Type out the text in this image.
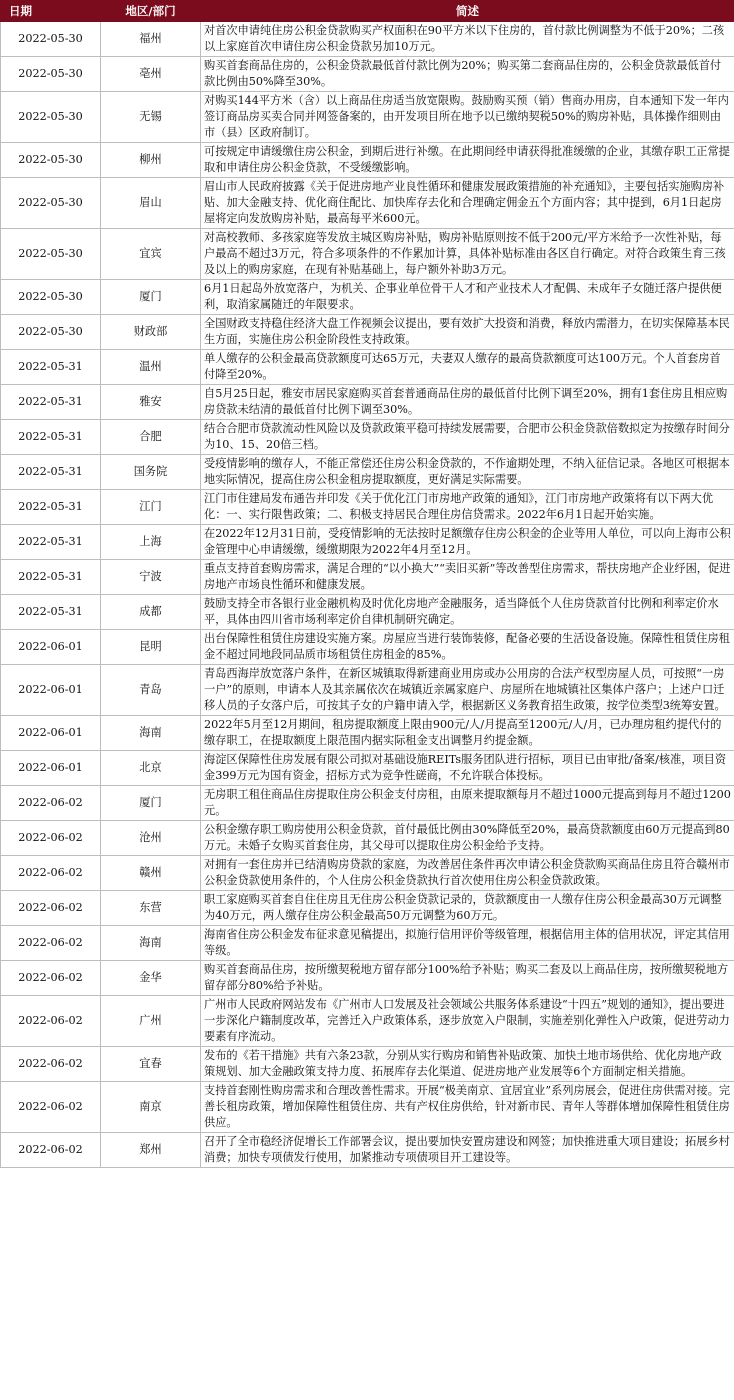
日期	地区/部门	简述
2022-05-30	福州	对首次申请纯住房公积金贷款购买产权面积在90平方米以下住房的，首付款比例调整为不低于20%；二孩以上家庭首次申请住房公积金贷款另加10万元。
2022-05-30	亳州	购买首套商品住房的，公积金贷款最低首付款比例为20%；购买第二套商品住房的，公积金贷款最低首付款比例由50%降至30%。
2022-05-30	无锡	对购买144平方米（含）以上商品住房适当放宽限购。鼓励购买预（销）售商办用房，自本通知下发一年内签订商品房买卖合同并网签备案的，由开发项目所在地予以已缴纳契税50%的购房补贴，具体操作细则由市（县）区政府制订。
2022-05-30	柳州	可按规定申请缓缴住房公积金，到期后进行补缴。在此期间经申请获得批准缓缴的企业，其缴存职工正常提取和申请住房公积金贷款，不受缓缴影响。
2022-05-30	眉山	眉山市人民政府披露《关于促进房地产业良性循环和健康发展政策措施的补充通知》，主要包括实施购房补贴、加大金融支持、优化商住配比、加快库存去化和合理确定佣金五个方面内容；其中提到，6月1日起房屋将定向发放购房补贴，最高每平米600元。
2022-05-30	宜宾	对高校教师、多孩家庭等发放主城区购房补贴，购房补贴原则按不低于200元/平方米给予一次性补贴，每户最高不超过3万元，符合多项条件的不作累加计算，具体补贴标准由各区自行确定。对符合政策生育三孩及以上的购房家庭，在现有补贴基础上，每户额外补助3万元。
2022-05-30	厦门	6月1日起岛外放宽落户，为机关、企事业单位骨干人才和产业技术人才配偶、未成年子女随迁落户提供便利，取消家属随迁的年限要求。
2022-05-30	财政部	全国财政支持稳住经济大盘工作视频会议提出，要有效扩大投资和消费，释放内需潜力，在切实保障基本民生方面，实施住房公积金阶段性支持政策。
2022-05-31	温州	单人缴存的公积金最高贷款额度可达65万元，夫妻双人缴存的最高贷款额度可达100万元。个人首套房首付降至20%。
2022-05-31	雅安	自5月25日起，雅安市居民家庭购买首套普通商品住房的最低首付比例下调至20%，拥有1套住房且相应购房贷款未结清的最低首付比例下调至30%。
2022-05-31	合肥	结合合肥市贷款流动性风险以及贷款政策平稳可持续发展需要，合肥市公积金贷款倍数拟定为按缴存时间分为10、15、20倍三档。
2022-05-31	国务院	受疫情影响的缴存人，不能正常偿还住房公积金贷款的，不作逾期处理，不纳入征信记录。各地区可根据本地实际情况，提高住房公积金租房提取额度，更好满足实际需要。
2022-05-31	江门	江门市住建局发布通告并印发《关于优化江门市房地产政策的通知》，江门市房地产政策将有以下两大优化：一、实行限售政策；二、积极支持居民合理住房信贷需求。2022年6月1日起开始实施。
2022-05-31	上海	在2022年12月31日前，受疫情影响的无法按时足额缴存住房公积金的企业等用人单位，可以向上海市公积金管理中心申请缓缴，缓缴期限为2022年4月至12月。
2022-05-31	宁波	重点支持首套购房需求，满足合理的“以小换大”“卖旧买新”等改善型住房需求，帮扶房地产企业纾困，促进房地产市场良性循环和健康发展。
2022-05-31	成都	鼓励支持全市各银行业金融机构及时优化房地产金融服务，适当降低个人住房贷款首付比例和利率定价水平，具体由四川省市场利率定价自律机制研究确定。
2022-06-01	昆明	出台保障性租赁住房建设实施方案。房屋应当进行装饰装修，配备必要的生活设备设施。保障性租赁住房租金不超过同地段同品质市场租赁住房租金的85%。
2022-06-01	青岛	青岛西海岸放宽落户条件，在新区城镇取得新建商业用房或办公用房的合法产权型房屋人员，可按照“一房一户”的原则，申请本人及其亲属依次在城镇近亲属家庭户、房屋所在地城镇社区集体户落户；上述户口迁移人员的子女落户后，可按其子女的户籍申请入学，根据新区义务教育招生政策，按学位类型3统筹安置。
2022-06-01	海南	2022年5月至12月期间，租房提取额度上限由900元/人/月提高至1200元/人/月，已办理房租约提代付的缴存职工，在提取额度上限范围内据实际租金支出调整月约提金额。
2022-06-01	北京	海淀区保障性住房发展有限公司拟对基础设施REITs服务团队进行招标，项目已由审批/备案/核准，项目资金399万元为国有资金，招标方式为竞争性磋商，不允许联合体投标。
2022-06-02	厦门	无房职工租住商品住房提取住房公积金支付房租，由原来提取额每月不超过1000元提高到每月不超过1200元。
2022-06-02	沧州	公积金缴存职工购房使用公积金贷款，首付最低比例由30%降低至20%，最高贷款额度由60万元提高到80万元。未婚子女购买首套住房，其父母可以提取住房公积金给予支持。
2022-06-02	赣州	对拥有一套住房并已结清购房贷款的家庭，为改善居住条件再次申请公积金贷款购买商品住房且符合赣州市公积金贷款使用条件的，个人住房公积金贷款执行首次使用住房公积金贷款政策。
2022-06-02	东营	职工家庭购买首套自住住房且无住房公积金贷款记录的，贷款额度由一人缴存住房公积金最高30万元调整为40万元，两人缴存住房公积金最高50万元调整为60万元。
2022-06-02	海南	海南省住房公积金发布征求意见稿提出，拟施行信用评价等级管理，根据信用主体的信用状况，评定其信用等级。
2022-06-02	金华	购买首套商品住房，按所缴契税地方留存部分100%给予补贴；购买二套及以上商品住房，按所缴契税地方留存部分80%给予补贴。
2022-06-02	广州	广州市人民政府网站发布《广州市人口发展及社会领域公共服务体系建设“十四五”规划的通知》，提出要进一步深化户籍制度改革，完善迁入户政策体系，逐步放宽入户限制，实施差别化弹性入户政策，促进劳动力要素有序流动。
2022-06-02	宜春	发布的《若干措施》共有六条23款，分别从实行购房和销售补贴政策、加快土地市场供给、优化房地产政策规划、加大金融政策支持力度、拓展库存去化渠道、促进房地产业发展等6个方面制定相关措施。
2022-06-02	南京	支持首套刚性购房需求和合理改善性需求。开展“极美南京、宜居宜业”系列房展会，促进住房供需对接。完善长租房政策，增加保障性租赁住房、共有产权住房供给，针对新市民、青年人等群体增加保障性租赁住房供应。
2022-06-02	郑州	召开了全市稳经济促增长工作部署会议，提出要加快安置房建设和网签；加快推进重大项目建设；拓展乡村消费；加快专项债发行使用，加紧推动专项债项目开工建设等。
